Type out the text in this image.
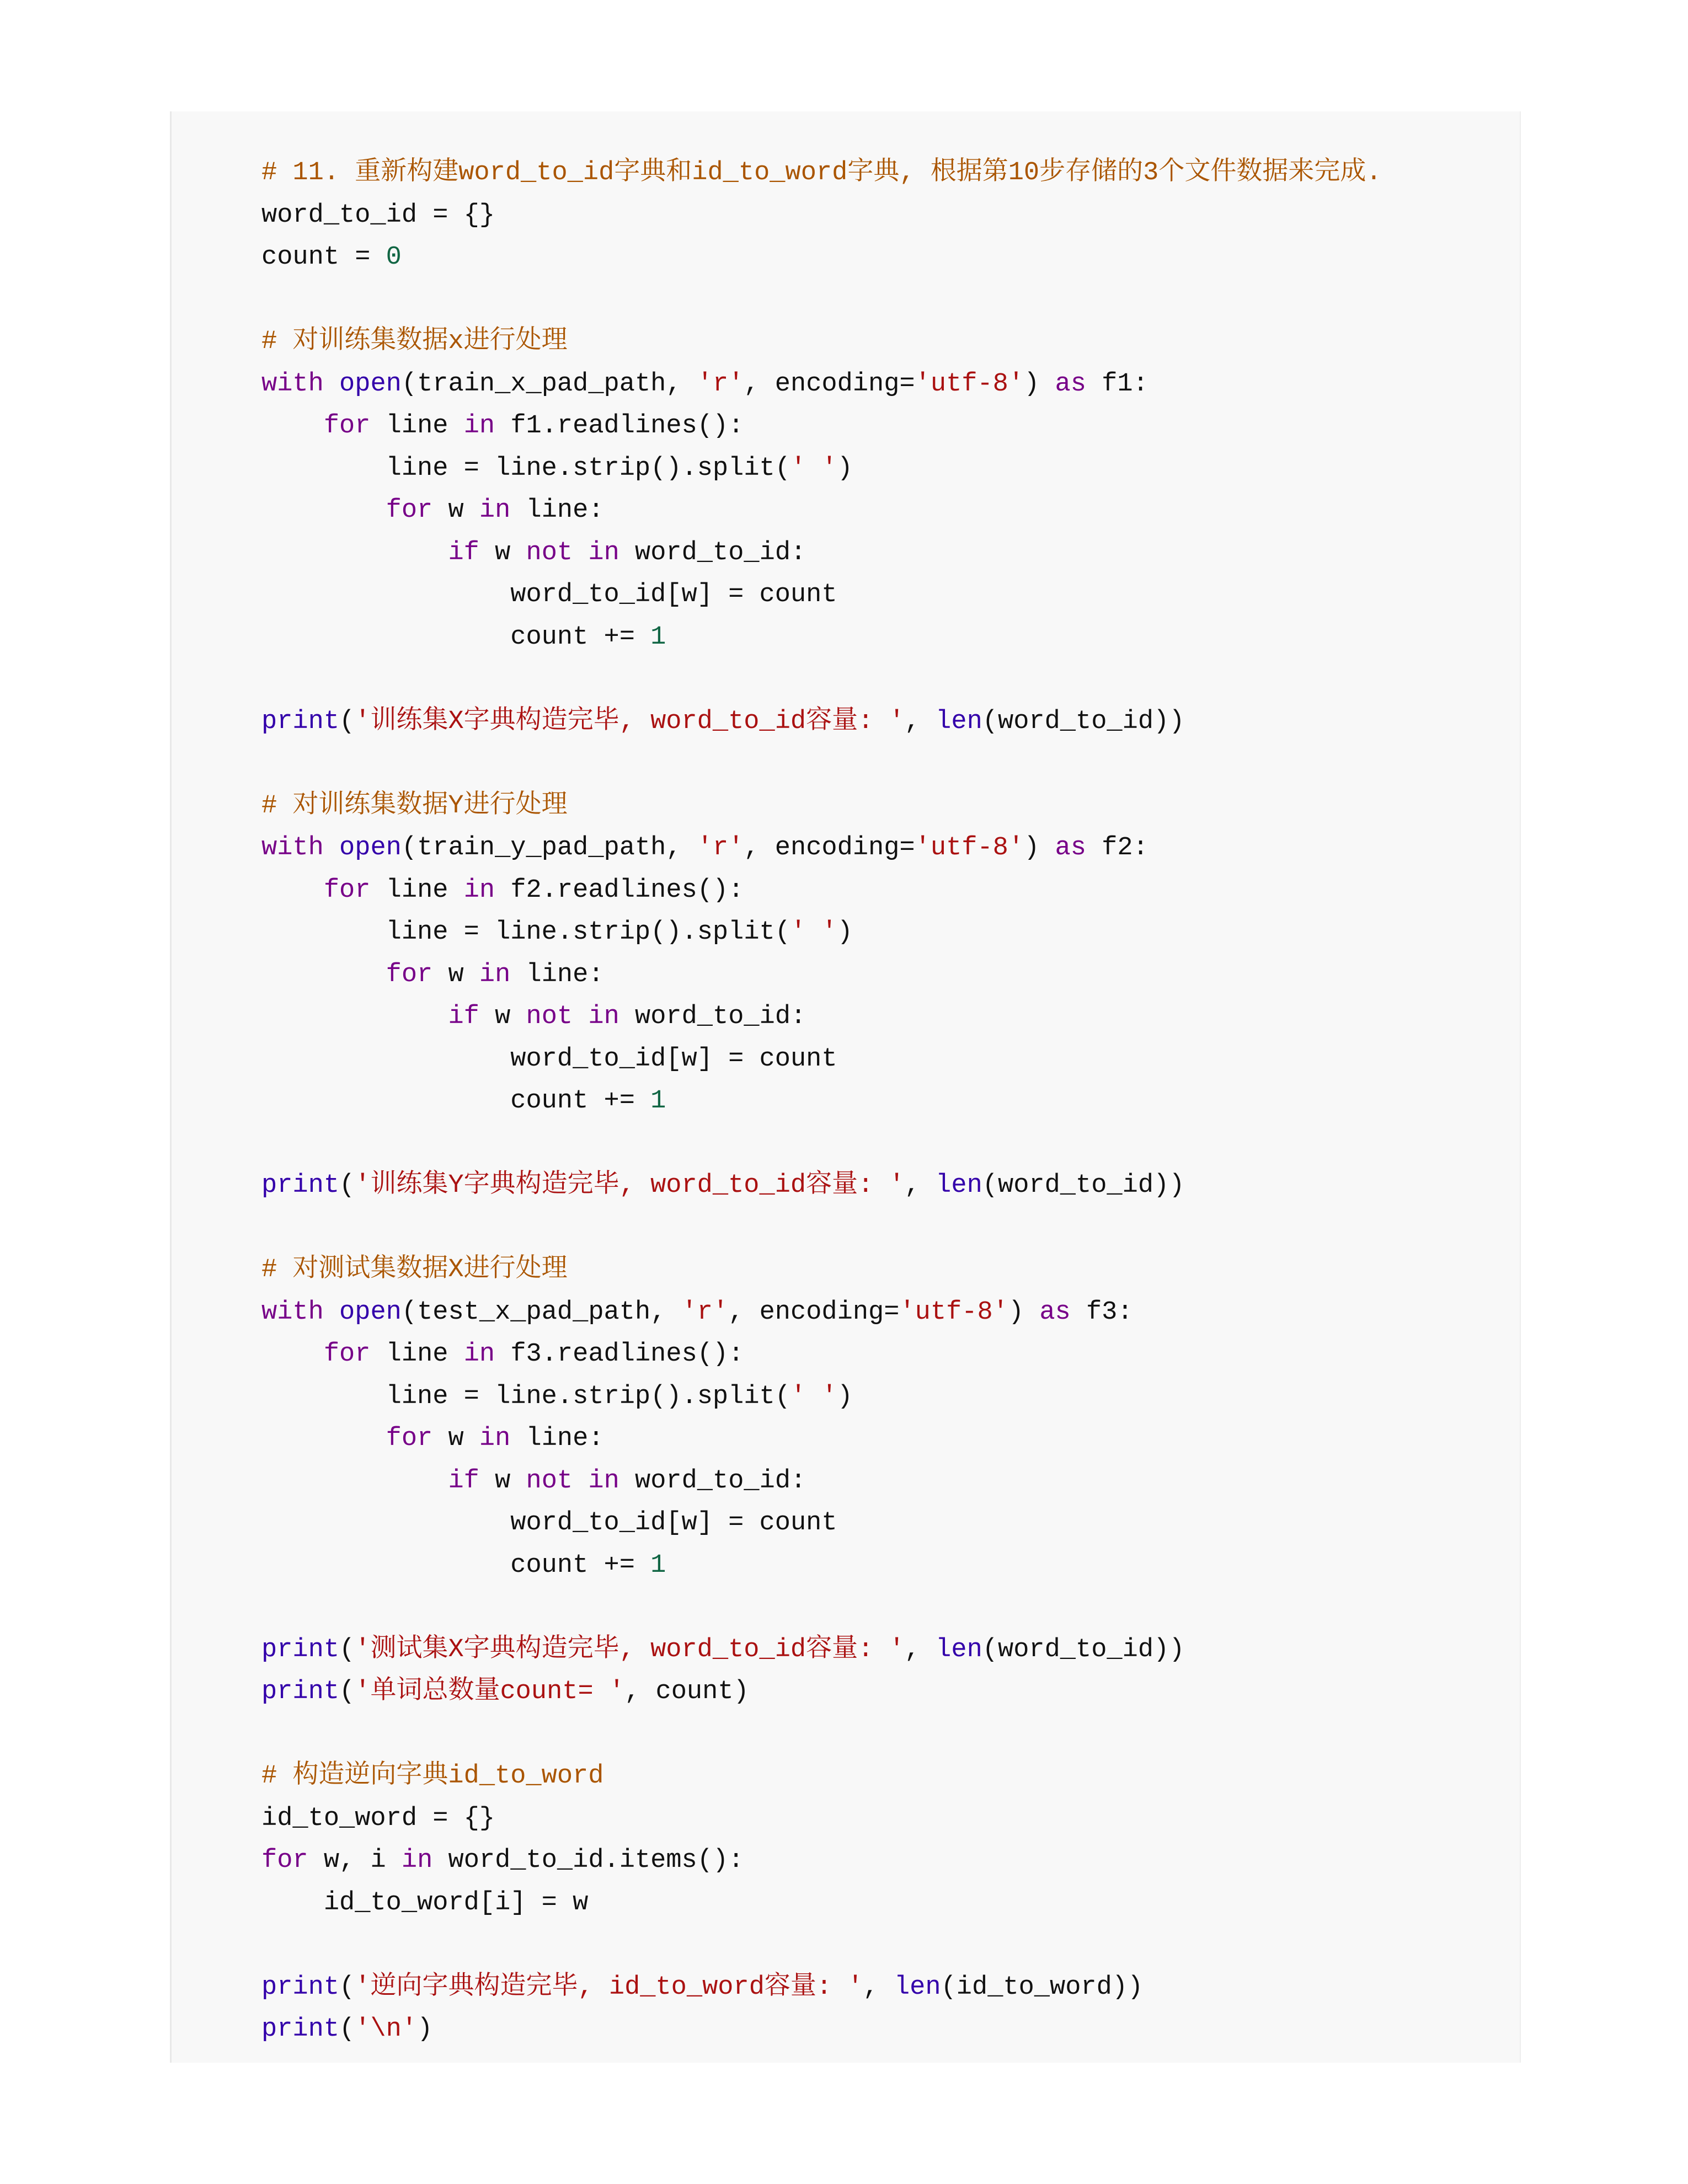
# 11. 重新构建word_to_id字典和id_to_word字典, 根据第10步存储的3个文件数据来完成.
word_to_id = {}
count = 0
# 对训练集数据x进行处理
with open(train_x_pad_path, 'r', encoding='utf-8') as f1:
for line in f1.readlines():
line = line.strip().split(' ')
for w in line:
if w not in word_to_id:
word_to_id[w] = count
count += 1
print('训练集X字典构造完毕, word_to_id容量: ', len(word_to_id))
# 对训练集数据Y进行处理
with open(train_y_pad_path, 'r', encoding='utf-8') as f2:
for line in f2.readlines():
line = line.strip().split(' ')
for w in line:
if w not in word_to_id:
word_to_id[w] = count
count += 1
print('训练集Y字典构造完毕, word_to_id容量: ', len(word_to_id))
# 对测试集数据X进行处理
with open(test_x_pad_path, 'r', encoding='utf-8') as f3:
for line in f3.readlines():
line = line.strip().split(' ')
for w in line:
if w not in word_to_id:
word_to_id[w] = count
count += 1
print('测试集X字典构造完毕, word_to_id容量: ', len(word_to_id))
print('单词总数量count= ', count)
# 构造逆向字典id_to_word
id_to_word = {}
for w, i in word_to_id.items():
id_to_word[i] = w
print('逆向字典构造完毕, id_to_word容量: ', len(id_to_word))
print('\n')
